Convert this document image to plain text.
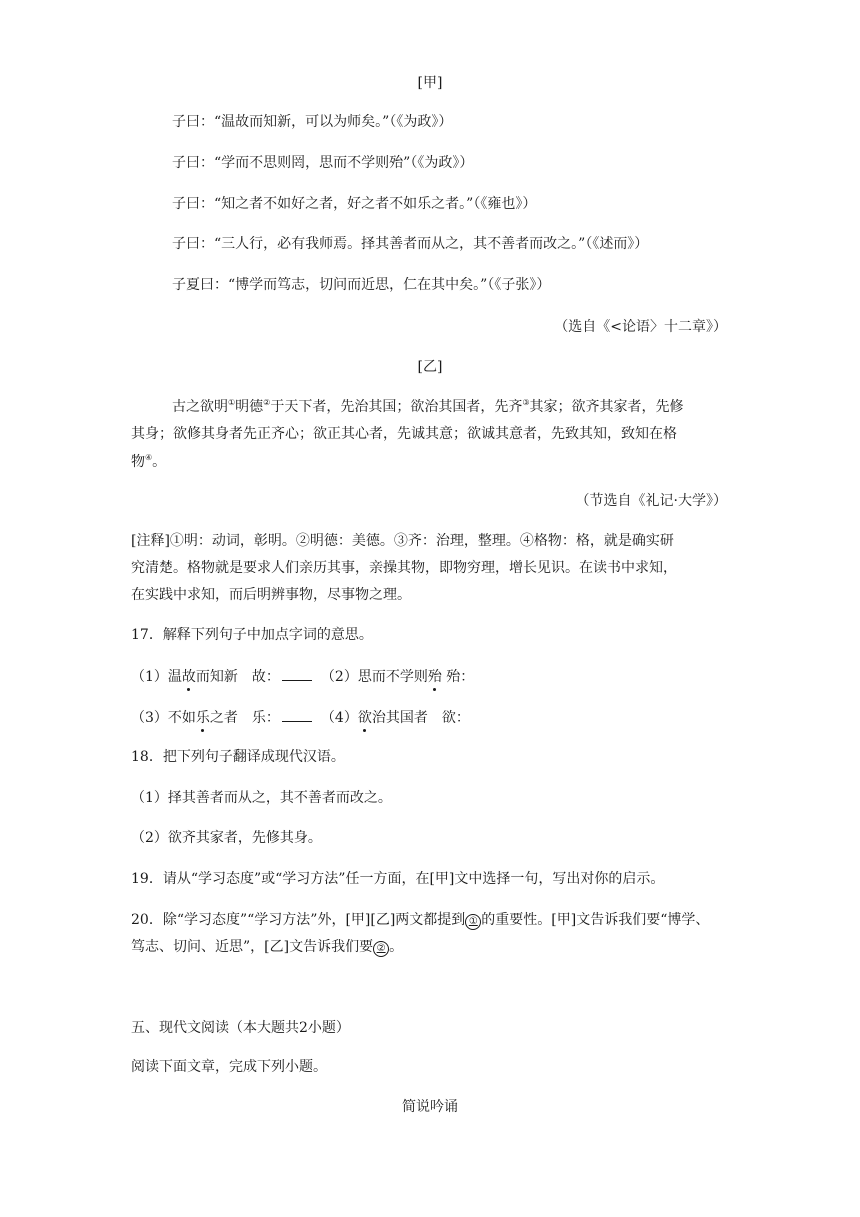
[甲]
子曰：“温故而知新，可以为师矣。”（《为政》）
子曰：“学而不思则罔，思而不学则殆”（《为政》）
子曰：“知之者不如好之者，好之者不如乐之者。”（《雍也》）
子曰：“三人行，必有我师焉。择其善者而从之，其不善者而改之。”（《述而》）
子夏曰：“博学而笃志，切问而近思，仁在其中矣。”（《子张》）
（选自《<论语〉十二章》）
[乙]
古之欲明①明德②于天下者，先治其国；欲治其国者，先齐③其家；欲齐其家者，先修
其身；欲修其身者先正齐心；欲正其心者，先诚其意；欲诚其意者，先致其知，致知在格
物④。
（节选自《礼记·大学》）
[注释]①明：动词，彰明。②明德：美德。③齐：治理，整理。④格物：格，就是确实研
究清楚。格物就是要求人们亲历其事，亲操其物，即物穷理，增长见识。在读书中求知，
在实践中求知，而后明辨事物，尽事物之理。
17．解释下列句子中加点字词的意思。
（1）温故而知新　故：　	（2）思而不学则殆 殆：
（3）不如乐之者　乐：　	（4）欲治其国者　欲：
18．把下列句子翻译成现代汉语。
（1）择其善者而从之，其不善者而改之。
（2）欲齐其家者，先修其身。
19．请从“学习态度”或“学习方法”任一方面，在[甲]文中选择一句，写出对你的启示。
20．除“学习态度”“学习方法”外，[甲][乙]两文都提到 ① 的重要性。[甲]文告诉我们要“博学、
笃志、切问、近思”，[乙]文告诉我们要 ② 。
五、现代文阅读（本大题共2小题）
阅读下面文章，完成下列小题。
简说吟诵
